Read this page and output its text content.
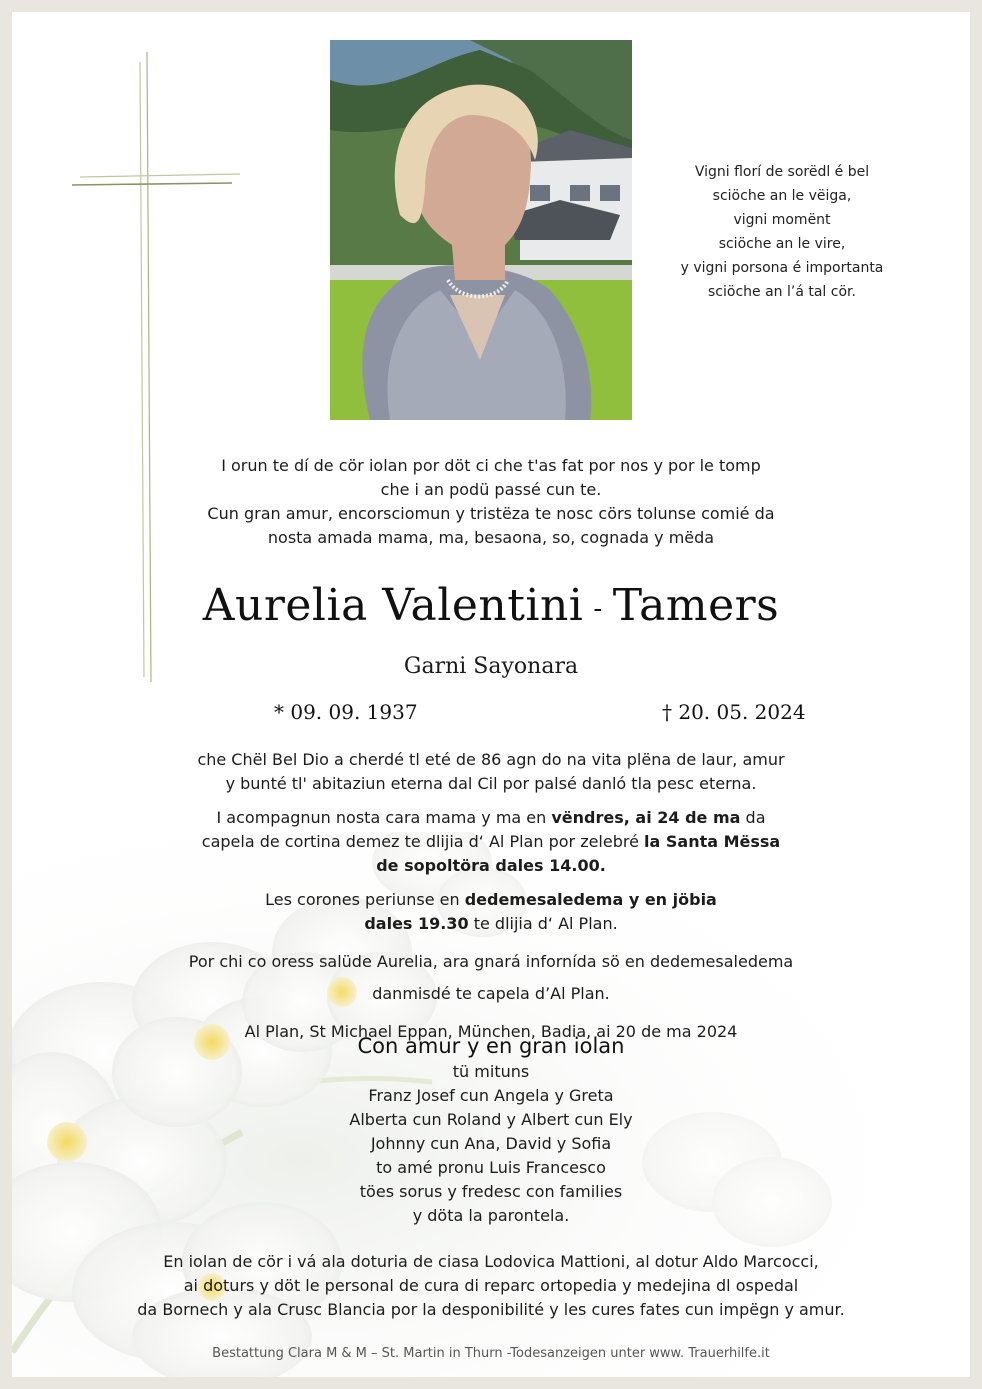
Vigni florí de sorëdl é bel
sciöche an le vëiga,
vigni momënt
sciöche an le vire,
y vigni porsona é importanta
sciöche an l’á tal cör.
I orun te dí de cör iolan por döt ci che t'as fat por nos y por le tomp
che i an podü passé cun te.
Cun gran amur, encorsciomun y tristëza te nosc cörs tolunse comié da
nosta amada mama, ma, besaona, so, cognada y mëda
Aurelia Valentini - Tamers
Garni Sayonara
* 09. 09. 1937	† 20. 05. 2024

che Chël Bel Dio a cherdé tl eté de 86 agn do na vita plëna de laur, amur
y bunté tl' abitaziun eterna dal Cil por palsé danló tla pesc eterna.

I acompagnun nosta cara mama y ma en vëndres, ai 24 de ma da
capela de cortina demez te dlijia d‘ Al Plan por zelebré la Santa Mëssa
de sopoltöra dales 14.00.

Les corones periunse en dedemesaledema y en jöbia
dales 19.30 te dlijia d‘ Al Plan.

Por chi co oress salüde Aurelia, ara gnará infornída sö en dedemesaledema
danmisdé te capela d’Al Plan.

Al Plan, St Michael Eppan, München, Badia, ai 20 de ma 2024

Con amur y en gran iolan
tü mituns
Franz Josef cun Angela y Greta
Alberta cun Roland y Albert cun Ely
Johnny cun Ana, David y Sofia
to amé pronu Luis Francesco
töes sorus y fredesc con families
y döta la parontela.
En iolan de cör i vá ala doturia de ciasa Lodovica Mattioni, al dotur Aldo Marcocci,
ai doturs y döt le personal de cura di reparc ortopedia y medejina dl ospedal
da Bornech y ala Crusc Blancia por la desponibilité y les cures fates cun impëgn y amur.
Bestattung Clara M & M – St. Martin in Thurn -Todesanzeigen unter www. Trauerhilfe.it
